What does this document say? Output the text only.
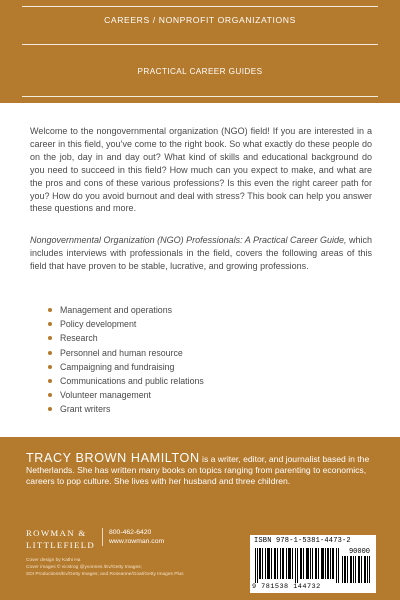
CAREERS / NONPROFIT ORGANIZATIONS
PRACTICAL CAREER GUIDES

Welcome to the nongovernmental organization (NGO) field! If you are interested in a career in this field, you’ve come to the right book. So what exactly do these people do on the job, day in and day out? What kind of skills and educational background do you need to succeed in this field? How much can you expect to make, and what are the pros and cons of these various professions? Is this even the right career path for you? How do you avoid burnout and deal with stress? This book can help you answer these questions and more.

Nongovernmental Organization (NGO) Professionals: A Practical Career Guide, which includes interviews with professionals in the field, covers the following areas of this field that have proven to be stable, lucrative, and growing professions.

Management and operations
Policy development
Research
Personnel and human resource
Campaigning and fundraising
Communications and public relations
Volunteer management
Grant writers

TRACY BROWN HAMILTON is a writer, editor, and journalist based in the Netherlands. She has written many books on topics ranging from parenting to economics, careers to pop culture. She lives with her husband and three children.

ROWMAN &
LITTLEFIELD
800-462-6420
www.rowman.com
Cover design by Kathi Ha
Cover images © vicstrog @yvonnes /Ev/Getty Images;
SDI Productions/Ev/Getty Images; and Roseanne/Goat/Getty Images Plus
ISBN 978-1-5381-4473-2
90000
9 781538 144732
